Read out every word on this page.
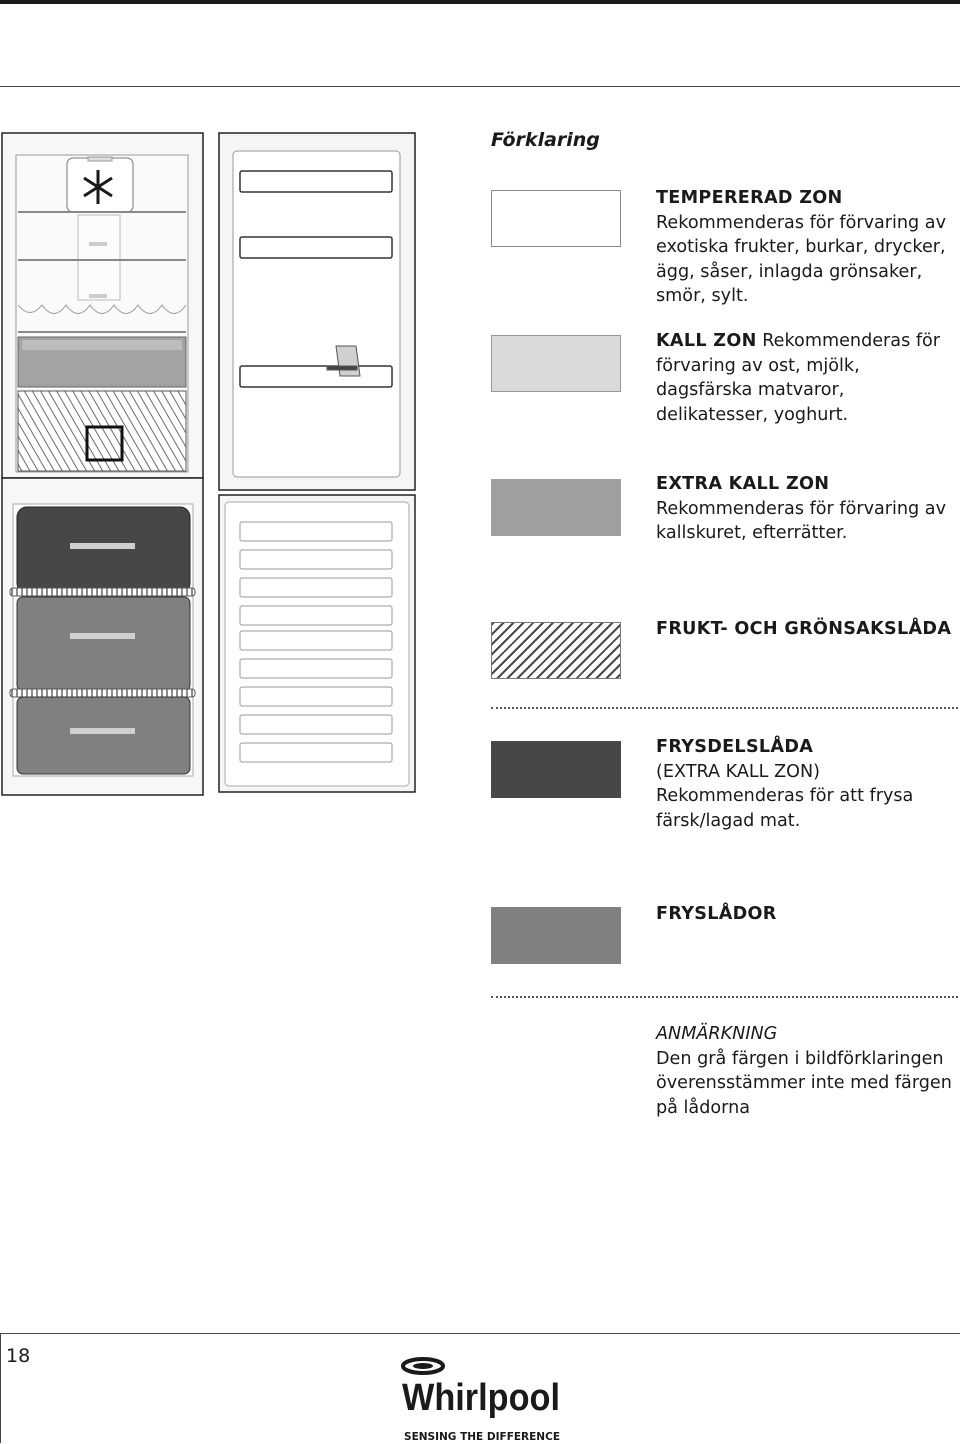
Förklaring
TEMPERERAD ZON
Rekommenderas för förvaring av exotiska frukter, burkar, drycker, ägg, såser, inlagda grönsaker, smör, sylt.
KALL ZON Rekommenderas för förvaring av ost, mjölk, dagsfärska matvaror, delikatesser, yoghurt.
EXTRA KALL ZON
Rekommenderas för förvaring av kallskuret, efterrätter.
FRUKT- OCH GRÖNSAKSLÅDA
FRYSDELSLÅDA
(EXTRA KALL ZON)
Rekommenderas för att frysa färsk/lagad mat.
FRYSLÅDOR
ANMÄRKNING
Den grå färgen i bildförklaringen överensstämmer inte med färgen på lådorna
18
Whirlpool
SENSING THE DIFFERENCE
